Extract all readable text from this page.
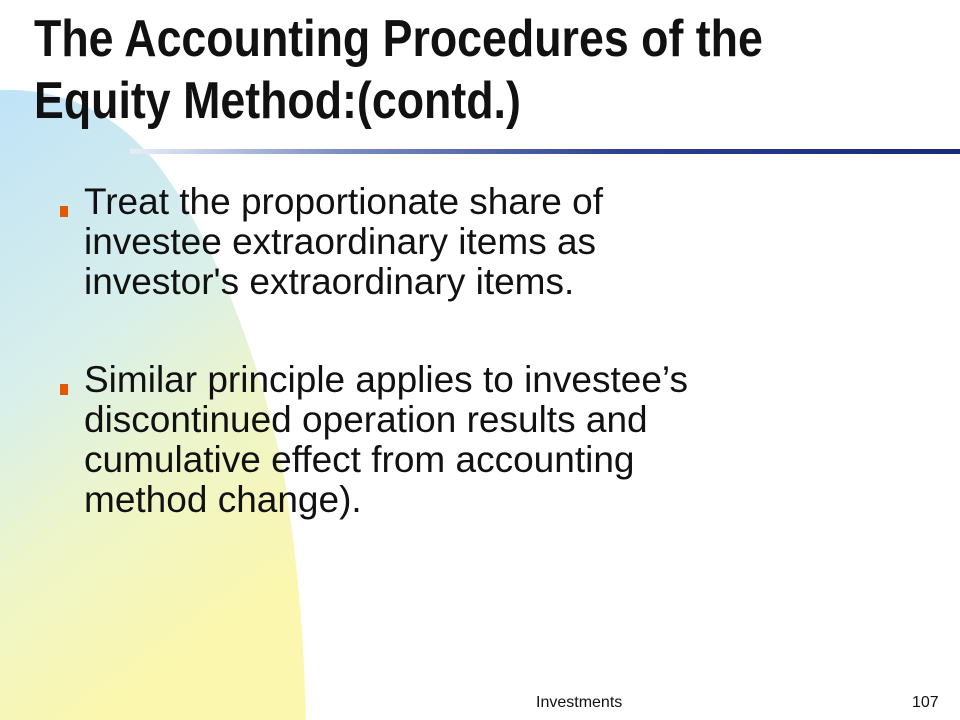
The Accounting Procedures of the
Equity Method:(contd.)

Treat the proportionate share of
investee extraordinary items as
investor's extraordinary items.

Similar principle applies to investee’s
discontinued operation results and
cumulative effect from accounting
method change).

Investments	107
